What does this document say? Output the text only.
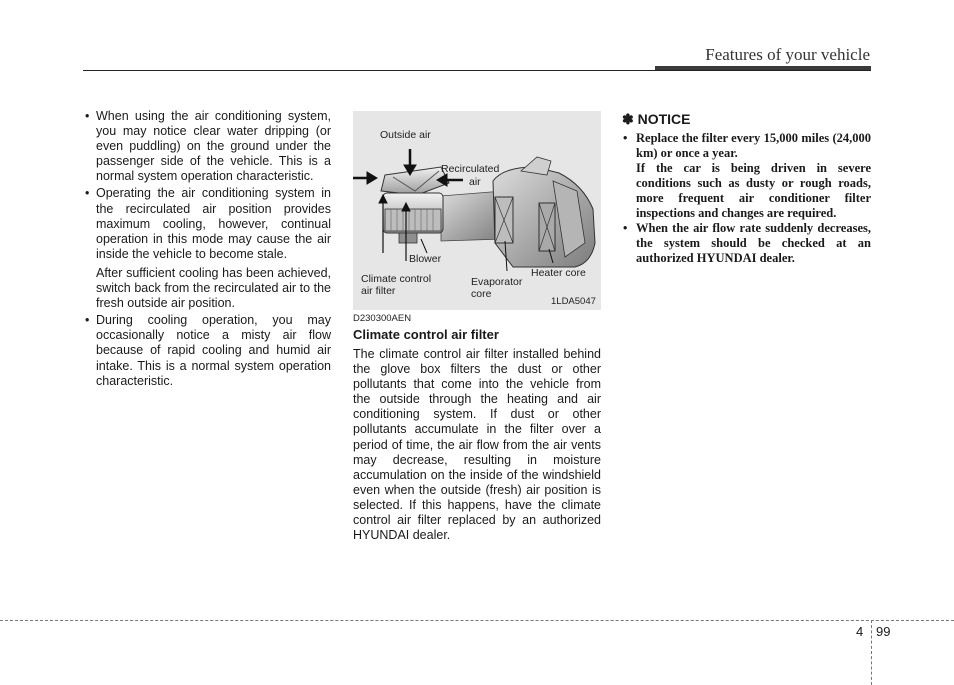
Features of your vehicle

• When using the air conditioning system, you may notice clear water dripping (or even puddling) on the ground under the passenger side of the vehicle. This is a normal system operation characteristic.

• Operating the air conditioning system in the recirculated air position provides maximum cooling, however, continual operation in this mode may cause the air inside the vehicle to become stale.

After sufficient cooling has been achieved, switch back from the recirculated air to the fresh outside air position.

• During cooling operation, you may occasionally notice a misty air flow because of rapid cooling and humid air intake. This is a normal system operation characteristic.

Outside air
Recirculated
air
Blower
Climate control
air filter
Evaporator
core
Heater core
1LDA5047
D230300AEN
Climate control air filter

The climate control air filter installed behind the glove box filters the dust or other pollutants that come into the vehicle from the outside through the heating and air conditioning system. If dust or other pollutants accumulate in the filter over a period of time, the air flow from the air vents may decrease, resulting in moisture accumulation on the inside of the windshield even when the outside (fresh) air position is selected. If this happens, have the climate control air filter replaced by an authorized HYUNDAI dealer.

✽ NOTICE

• Replace the filter every 15,000 miles (24,000 km) or once a year.

If the car is being driven in severe conditions such as dusty or rough roads, more frequent air conditioner filter inspections and changes are required.

• When the air flow rate suddenly decreases, the system should be checked at an authorized HYUNDAI dealer.

4 99
